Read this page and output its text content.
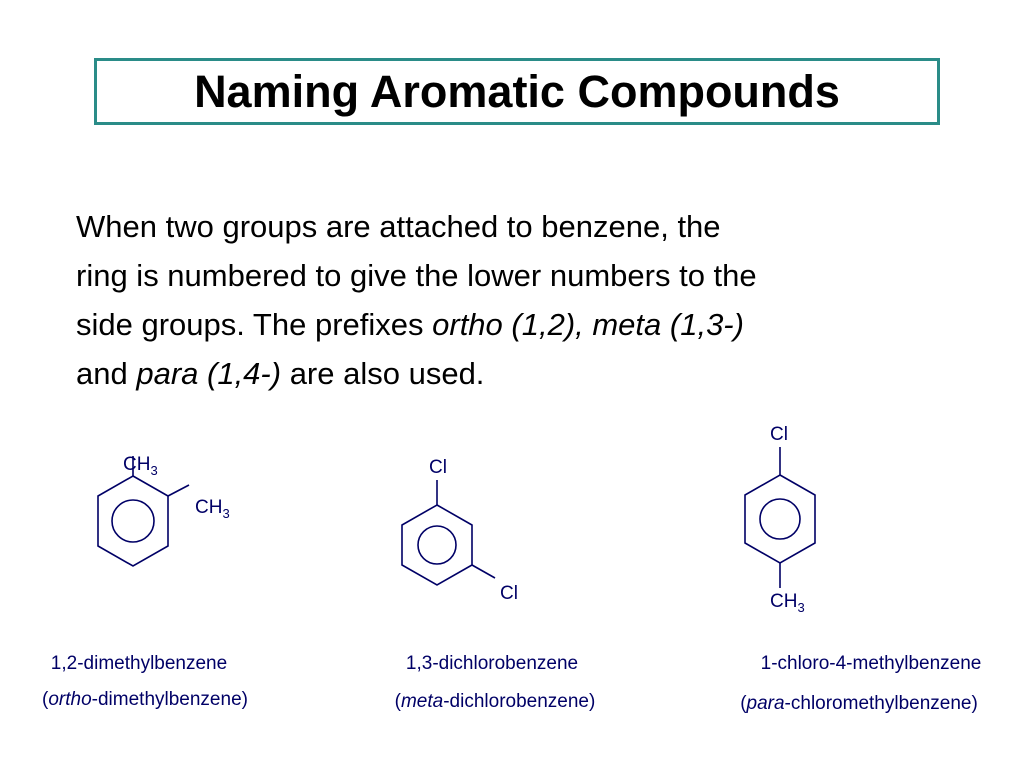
Naming Aromatic Compounds
When two groups are attached to benzene, the
ring is numbered to give the lower numbers to the
side groups. The prefixes ortho (1,2), meta (1,3-)
and para (1,4-) are also used.
$CH_3$
$CH_3$
Cl
Cl
Cl
$CH_3$
1,2-dimethylbenzene
(ortho-dimethylbenzene)
1,3-dichlorobenzene
(meta-dichlorobenzene)
1-chloro-4-methylbenzene
(para-chloromethylbenzene)
